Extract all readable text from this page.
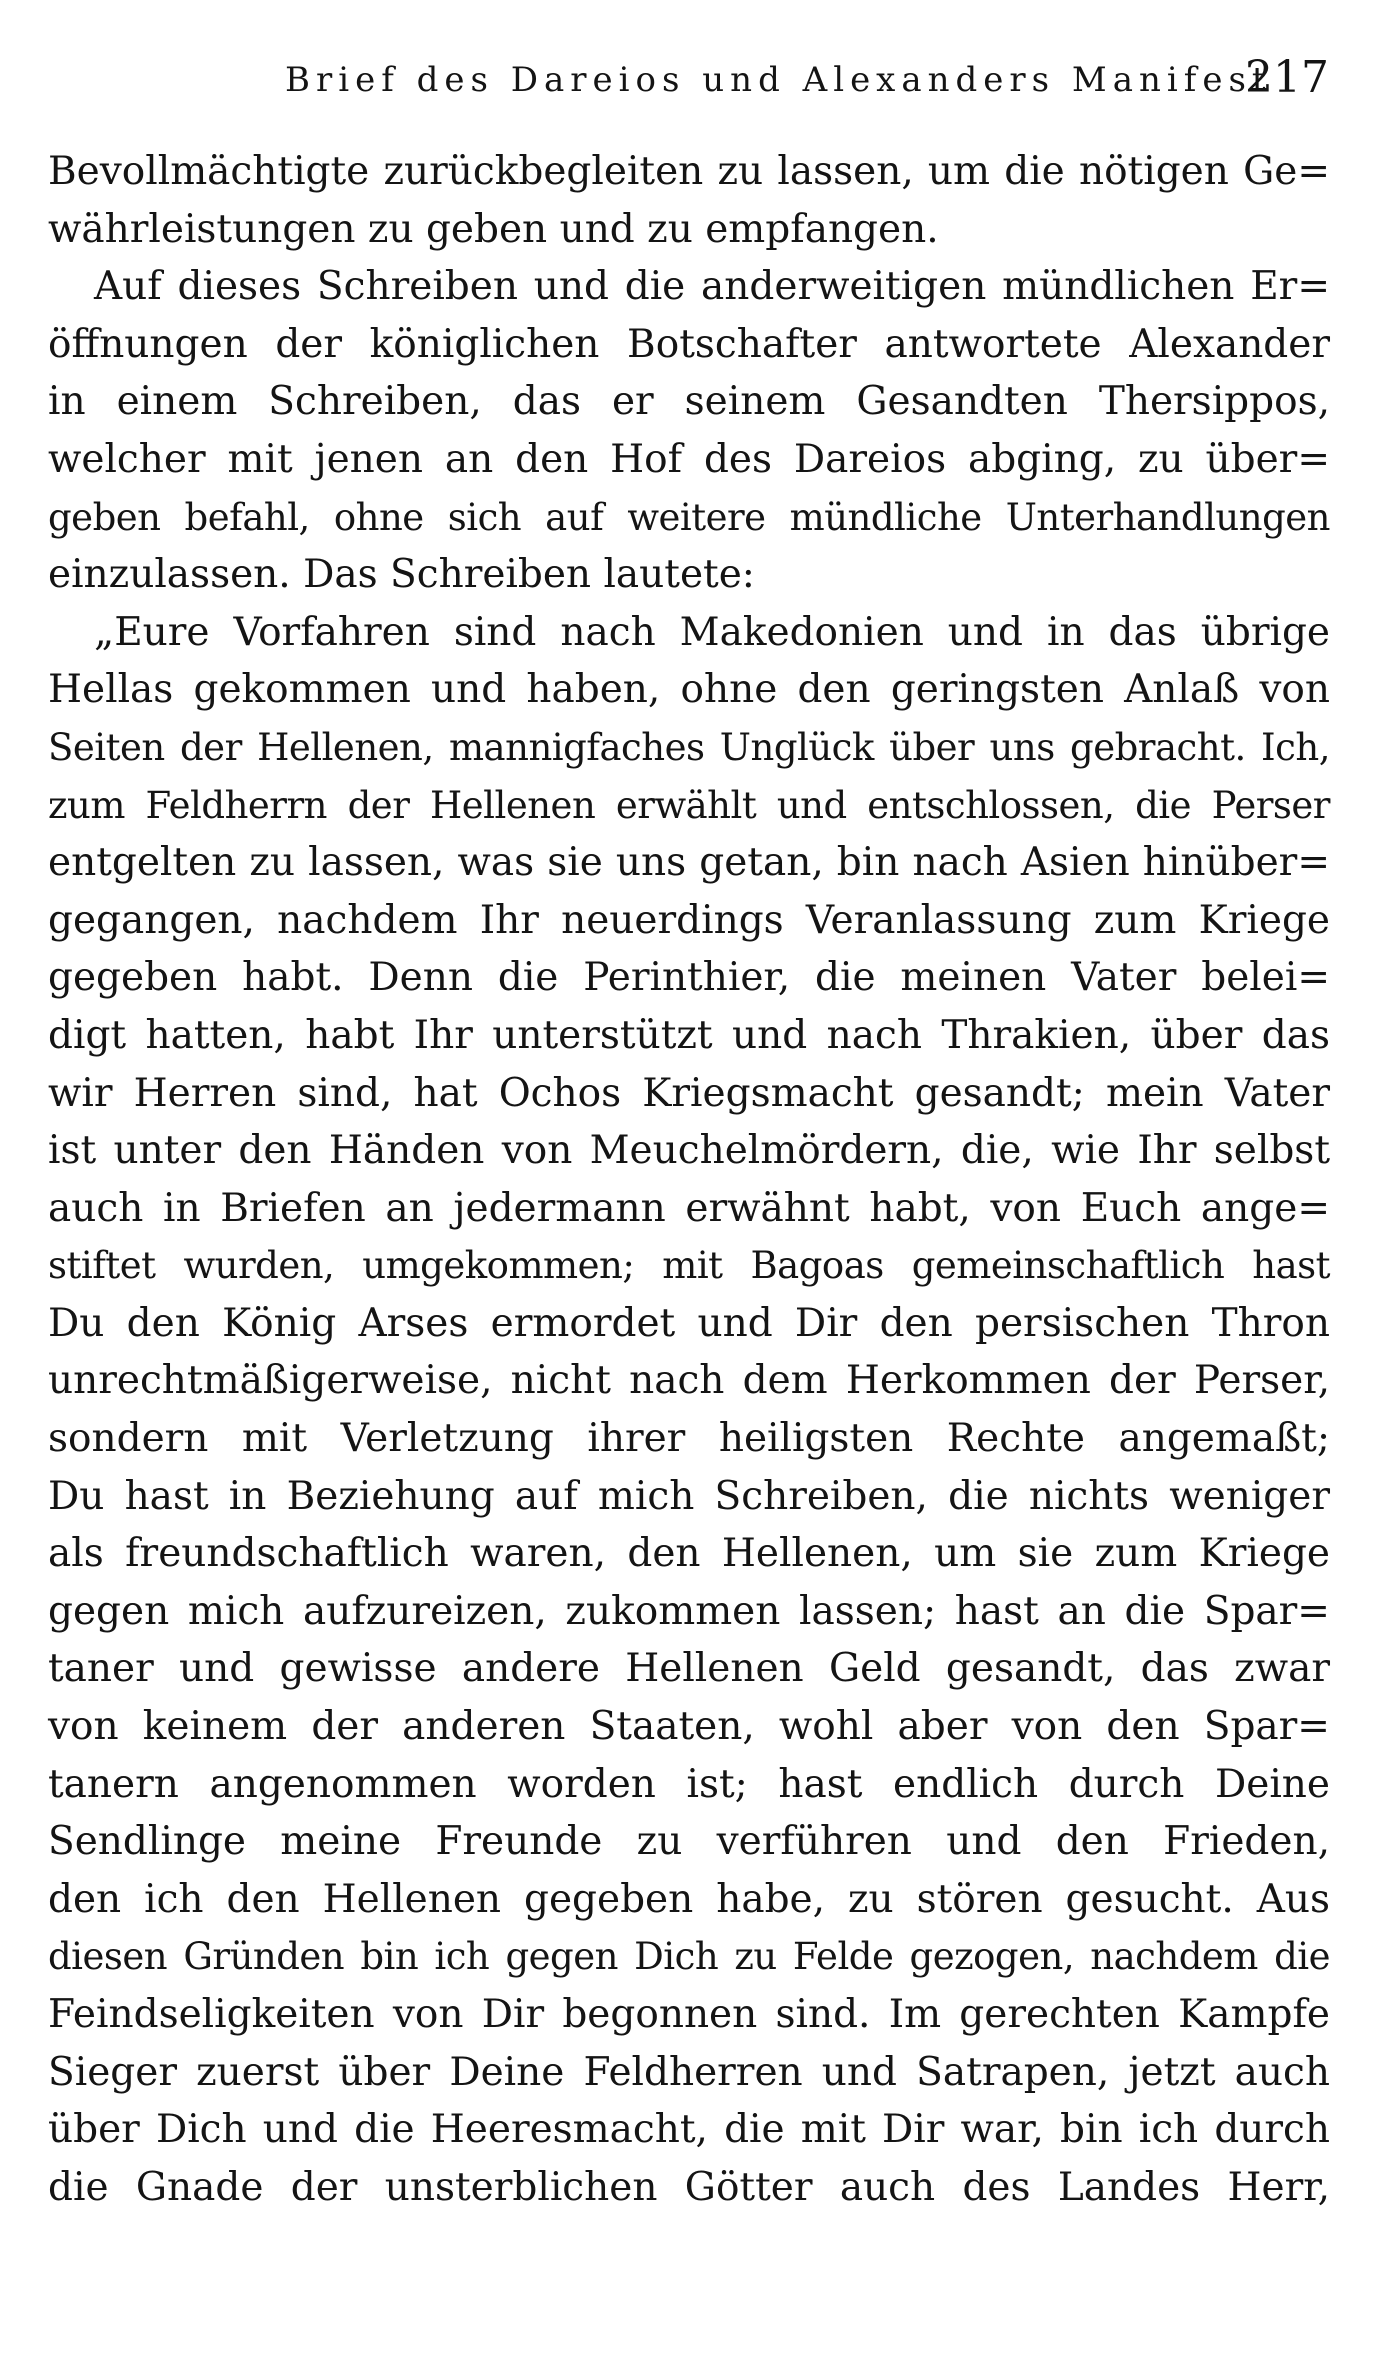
Brief des Dareios und Alexanders Manifest
217
Bevollmächtigte zurückbegleiten zu lassen, um die nötigen Ge=
währleistungen zu geben und zu empfangen.
Auf dieses Schreiben und die anderweitigen mündlichen Er=
öffnungen der königlichen Botschafter antwortete Alexander
in einem Schreiben, das er seinem Gesandten Thersippos,
welcher mit jenen an den Hof des Dareios abging, zu über=
geben befahl, ohne sich auf weitere mündliche Unterhandlungen
einzulassen. Das Schreiben lautete:
„Eure Vorfahren sind nach Makedonien und in das übrige
Hellas gekommen und haben, ohne den geringsten Anlaß von
Seiten der Hellenen, mannigfaches Unglück über uns gebracht. Ich,
zum Feldherrn der Hellenen erwählt und entschlossen, die Perser
entgelten zu lassen, was sie uns getan, bin nach Asien hinüber=
gegangen, nachdem Ihr neuerdings Veranlassung zum Kriege
gegeben habt. Denn die Perinthier, die meinen Vater belei=
digt hatten, habt Ihr unterstützt und nach Thrakien, über das
wir Herren sind, hat Ochos Kriegsmacht gesandt; mein Vater
ist unter den Händen von Meuchelmördern, die, wie Ihr selbst
auch in Briefen an jedermann erwähnt habt, von Euch ange=
stiftet wurden, umgekommen; mit Bagoas gemeinschaftlich hast
Du den König Arses ermordet und Dir den persischen Thron
unrechtmäßigerweise, nicht nach dem Herkommen der Perser,
sondern mit Verletzung ihrer heiligsten Rechte angemaßt;
Du hast in Beziehung auf mich Schreiben, die nichts weniger
als freundschaftlich waren, den Hellenen, um sie zum Kriege
gegen mich aufzureizen, zukommen lassen; hast an die Spar=
taner und gewisse andere Hellenen Geld gesandt, das zwar
von keinem der anderen Staaten, wohl aber von den Spar=
tanern angenommen worden ist; hast endlich durch Deine
Sendlinge meine Freunde zu verführen und den Frieden,
den ich den Hellenen gegeben habe, zu stören gesucht. Aus
diesen Gründen bin ich gegen Dich zu Felde gezogen, nachdem die
Feindseligkeiten von Dir begonnen sind. Im gerechten Kampfe
Sieger zuerst über Deine Feldherren und Satrapen, jetzt auch
über Dich und die Heeresmacht, die mit Dir war, bin ich durch
die Gnade der unsterblichen Götter auch des Landes Herr,
